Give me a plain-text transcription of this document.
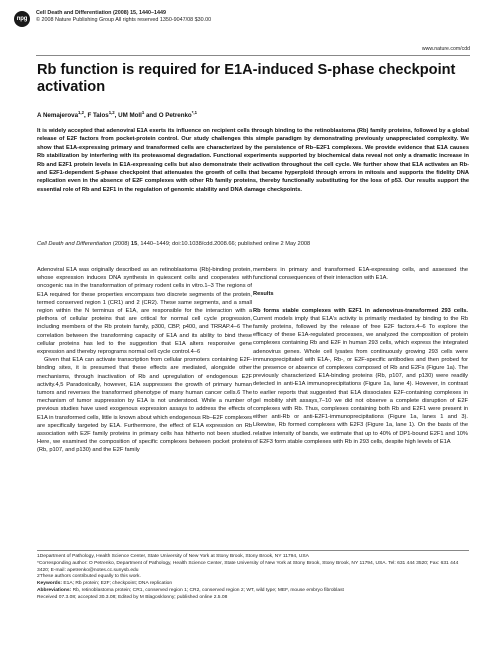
npg
Cell Death and Differentiation (2008) 15, 1440–1449
© 2008 Nature Publishing Group All rights reserved 1350-9047/08 $30.00
www.nature.com/cdd
Rb function is required for E1A-induced S-phase checkpoint activation
A Nemajerova$^{1,2}$, F Talos$^{1,2}$, UM Moll$^1$ and O Petrenko$^{*,1}$

It is widely accepted that adenoviral E1A exerts its influence on recipient cells through binding to the retinoblastoma (Rb) family proteins, followed by a global release of E2F factors from pocket-protein control. Our study challenges this simple paradigm by demonstrating previously unappreciated complexity. We show that E1A-expressing primary and transformed cells are characterized by the persistence of Rb–E2F1 complexes. We provide evidence that E1A causes Rb stabilization by interfering with its proteasomal degradation. Functional experiments supported by biochemical data reveal not only a dramatic increase in Rb and E2F1 protein levels in E1A-expressing cells but also demonstrate their activation throughout the cell cycle. We further show that E1A activates an Rb- and E2F1-dependent S-phase checkpoint that attenuates the growth of cells that became hyperploid through errors in mitosis and supports the fidelity DNA replication even in the absence of E2F complexes with other Rb family proteins, thereby functionally substituting for the loss of p53. Our results support the essential role of Rb and E2F1 in the regulation of genomic stability and DNA damage checkpoints.

Cell Death and Differentiation (2008) 15, 1440–1449; doi:10.1038/cdd.2008.66; published online 2 May 2008

Adenoviral E1A was originally described as an retinoblastoma (Rb)-binding protein, whose expression induces DNA synthesis in quiescent cells and cooperates with oncogenic ras in the transformation of primary rodent cells in vitro.1–3 The regions of E1A required for these properties encompass two discrete segments of the protein, termed conserved region 1 (CR1) and 2 (CR2). These same segments, and a small region within the N terminus of E1A, are responsible for the interaction with a plethora of cellular proteins that are critical for normal cell cycle progression, including members of the Rb protein family, p300, CBP, p400, and TRRAP.4–6 The correlation between the transforming capacity of E1A and its ability to bind these cellular proteins has led to the suggestion that E1A alters responsive gene expression and thereby reprograms normal cell cycle control.4–6

Given that E1A can activate transcription from cellular promoters containing E2F-binding sites, it is presumed that these effects are mediated, alongside other mechanisms, through inactivation of Rb and upregulation of endogenous E2F activity.4,5 Paradoxically, however, E1A suppresses the growth of primary human tumors and reverses the transformed phenotype of many human cancer cells.6 The mechanism of tumor suppression by E1A is not understood. While a number of previous studies have used exogenous expression assays to address the effects of E1A in transformed cells, little is known about which endogenous Rb–E2F complexes are specifically targeted by E1A. Furthermore, the effect of E1A expression on Rb association with E2F family proteins in primary cells has hitherto not been studied. Here, we examined the composition of specific complexes between pocket proteins (Rb, p107, and p130) and the E2F family

members in primary and transformed E1A-expressing cells, and assessed the functional consequences of their interaction with E1A.

Results

Rb forms stable complexes with E2F1 in adenovirus-transformed 293 cells. Current models imply that E1A's activity is primarily mediated by binding to the Rb family proteins, followed by the release of free E2F factors.4–6 To explore the efficacy of these E1A-regulated processes, we analyzed the composition of protein complexes containing Rb and E2F in human 293 cells, which express the integrated adenovirus genes. Whole cell lysates from continuously growing 293 cells were immunoprecipitated with E1A-, Rb-, or E2F-specific antibodies and then probed for the presence or absence of complexes composed of Rb and E2Fs (Figure 1a). The previously characterized E1A-binding proteins (Rb, p107, and p130) were readily detected in anti-E1A immunoprecipitations (Figure 1a, lane 4). However, in contrast to earlier reports that suggested that E1A dissociates E2F-containing complexes in gel mobility shift assays,7–10 we did not observe a complete disruption of E2F complexes with Rb. Thus, complexes containing both Rb and E2F1 were present in either anti-Rb or anti-E2F1-immunoprecipitations (Figure 1a, lanes 1 and 3). Likewise, Rb formed complexes with E2F3 (Figure 1a, lane 1). On the basis of the relative intensity of bands, we estimate that up to 40% of DP1-bound E2F1 and 10% of E2F3 form stable complexes with Rb in 293 cells, despite high levels of E1A

1Department of Pathology, Health Science Center, State University of New York at Stony Brook, Stony Brook, NY 11794, USA

*Corresponding author: O Petrenko, Department of Pathology, Health Science Center, State University of New York at Stony Brook, Stony Brook, NY 11794, USA. Tel: 631 444 3520; Fax: 631 444 3420; E-mail: apetrenko@notes.cc.sunysb.edu

2These authors contributed equally to this work.

Keywords: E1A; Rb protein; E2F; checkpoint; DNA replication

Abbreviations: Rb, retinoblastoma protein; CR1, conserved region 1; CR2, conserved region 2; WT, wild type; MEF, mouse embryo fibroblast

Received 07.3.08; accepted 30.3.08; Edited by M Blagosklonny; published online 2.5.08
